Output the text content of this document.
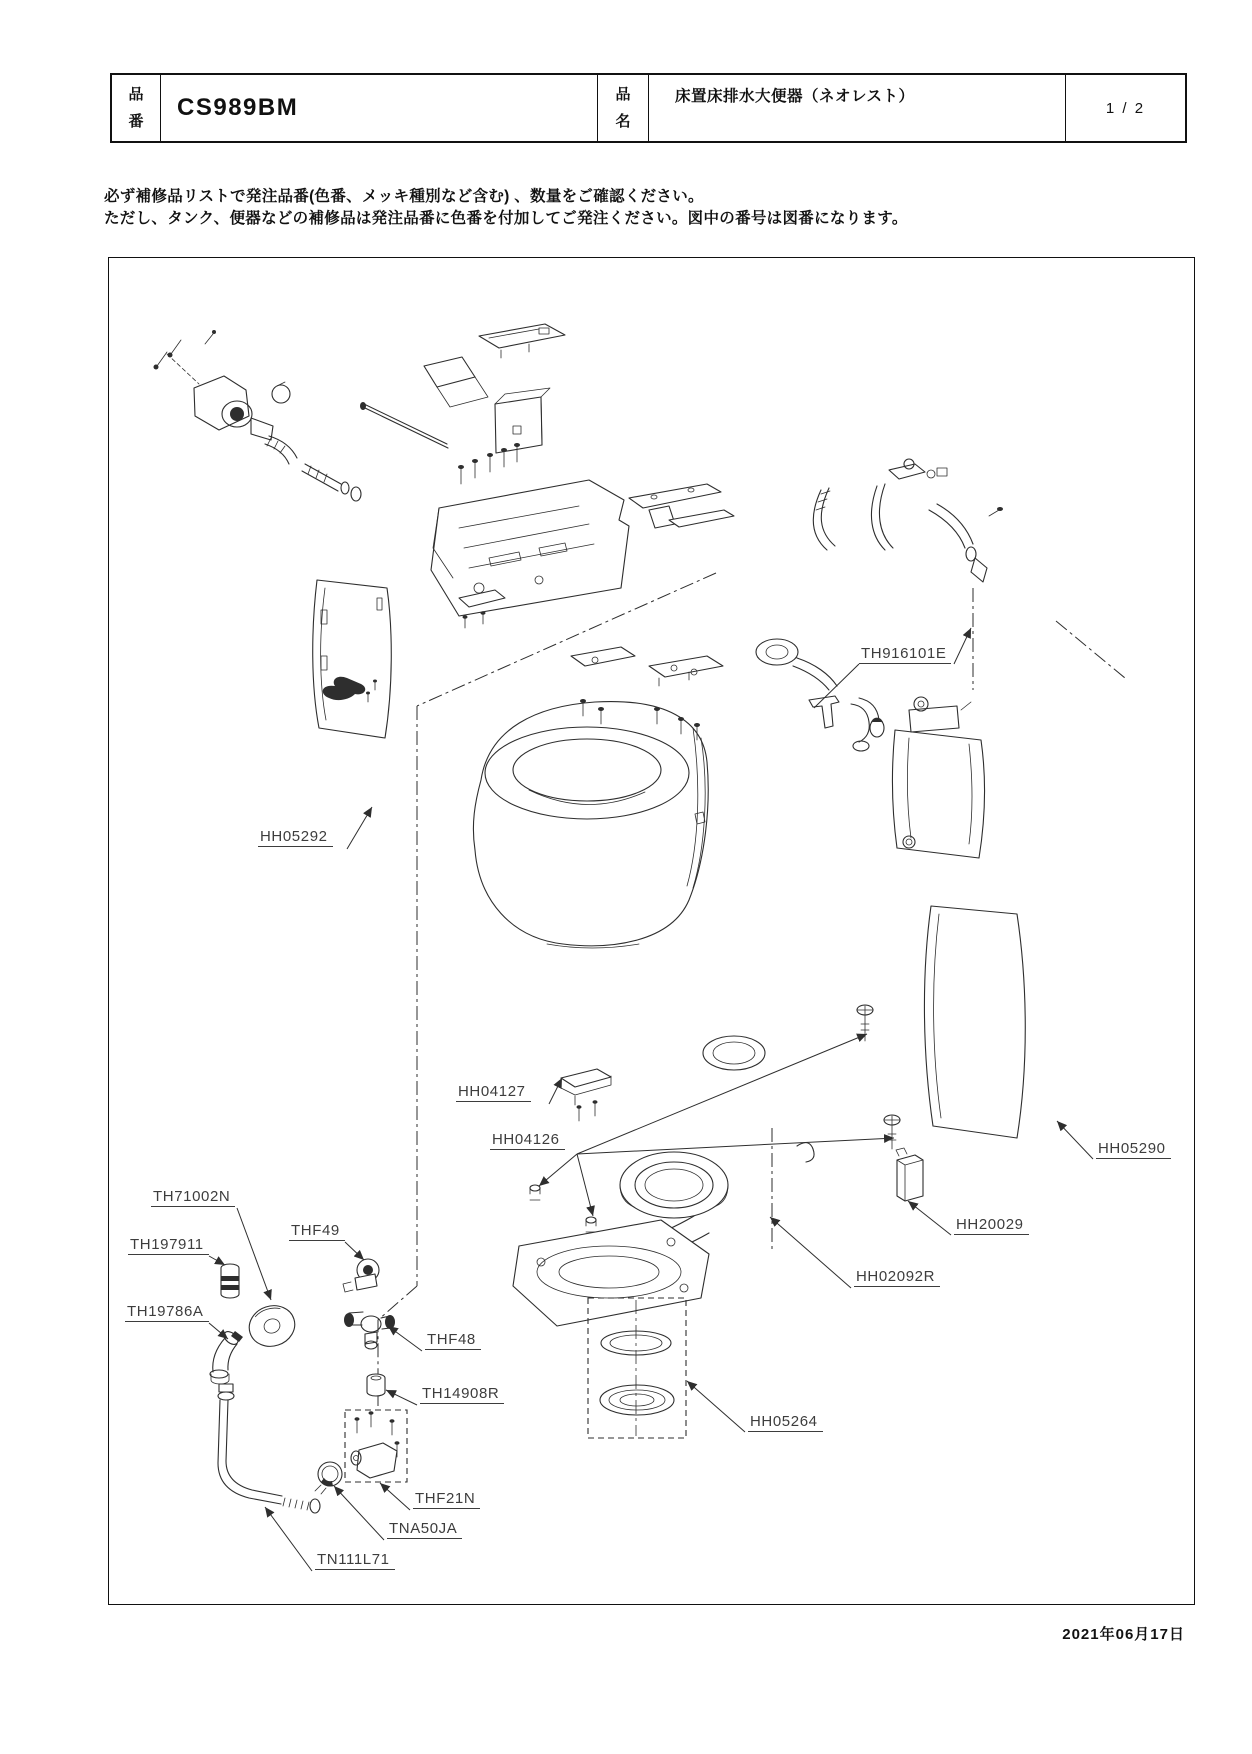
品
番
CS989BM	品
名
床置床排水大便器（ネオレスト）
1 / 2
必ず補修品リストで発注品番(色番、メッキ種別など含む) 、数量をご確認ください。
ただし、タンク、便器などの補修品は発注品番に色番を付加してご発注ください。図中の番号は図番になります。
TH916101E
HH05292
HH04127
HH04126
TH71002N
TH197911
THF49
TH19786A
THF48
TH14908R
THF21N
TNA50JA
TN111L71
HH20029
HH02092R
HH05290
HH05264
2021年06月17日
